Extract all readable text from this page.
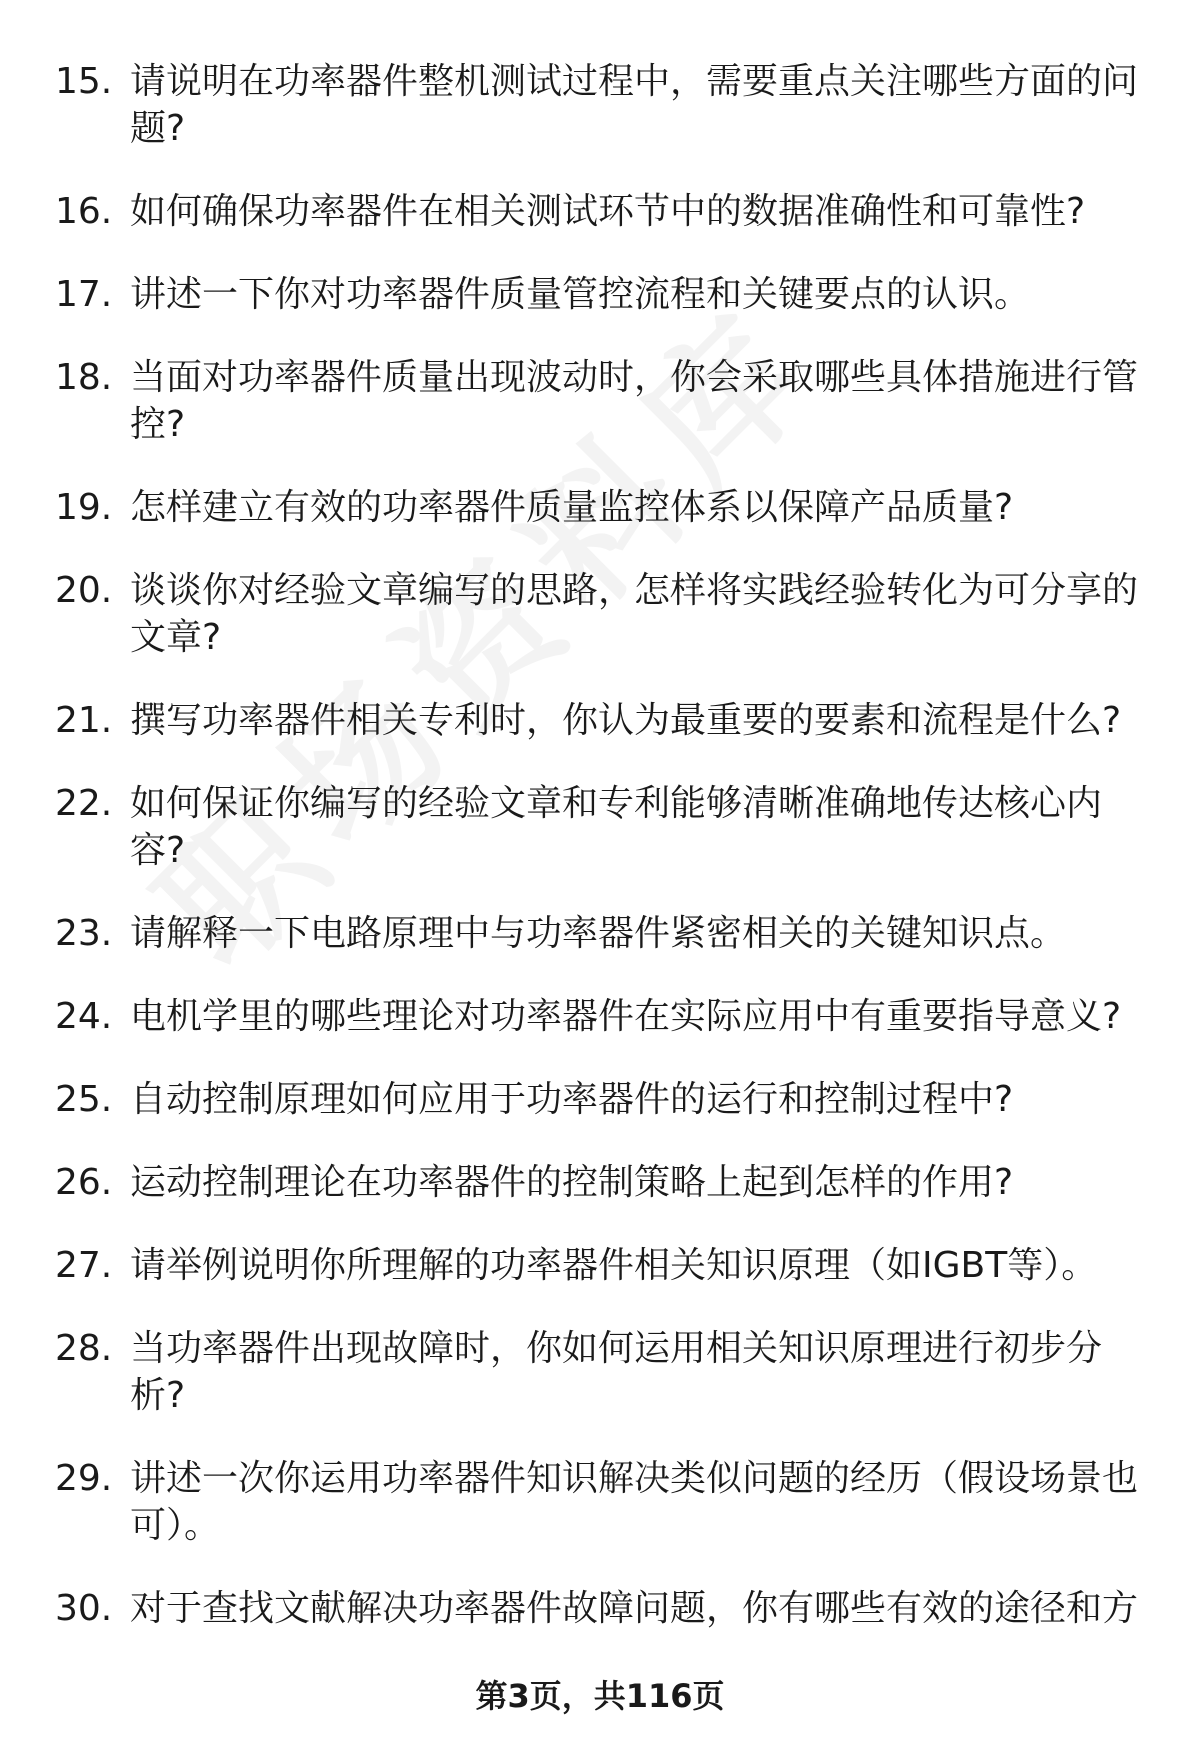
15. 请说明在功率器件整机测试过程中，需要重点关注哪些方面的问题?
16. 如何确保功率器件在相关测试环节中的数据准确性和可靠性?
17. 讲述一下你对功率器件质量管控流程和关键要点的认识。
18. 当面对功率器件质量出现波动时，你会采取哪些具体措施进行管控?
19. 怎样建立有效的功率器件质量监控体系以保障产品质量?
20. 谈谈你对经验文章编写的思路，怎样将实践经验转化为可分享的文章?
21. 撰写功率器件相关专利时，你认为最重要的要素和流程是什么?
22. 如何保证你编写的经验文章和专利能够清晰准确地传达核心内容?
23. 请解释一下电路原理中与功率器件紧密相关的关键知识点。
24. 电机学里的哪些理论对功率器件在实际应用中有重要指导意义?
25. 自动控制原理如何应用于功率器件的运行和控制过程中?
26. 运动控制理论在功率器件的控制策略上起到怎样的作用?
27. 请举例说明你所理解的功率器件相关知识原理（如IGBT等）。
28. 当功率器件出现故障时，你如何运用相关知识原理进行初步分析?
29. 讲述一次你运用功率器件知识解决类似问题的经历（假设场景也可）。
30. 对于查找文献解决功率器件故障问题，你有哪些有效的途径和方
第3页，共116页
